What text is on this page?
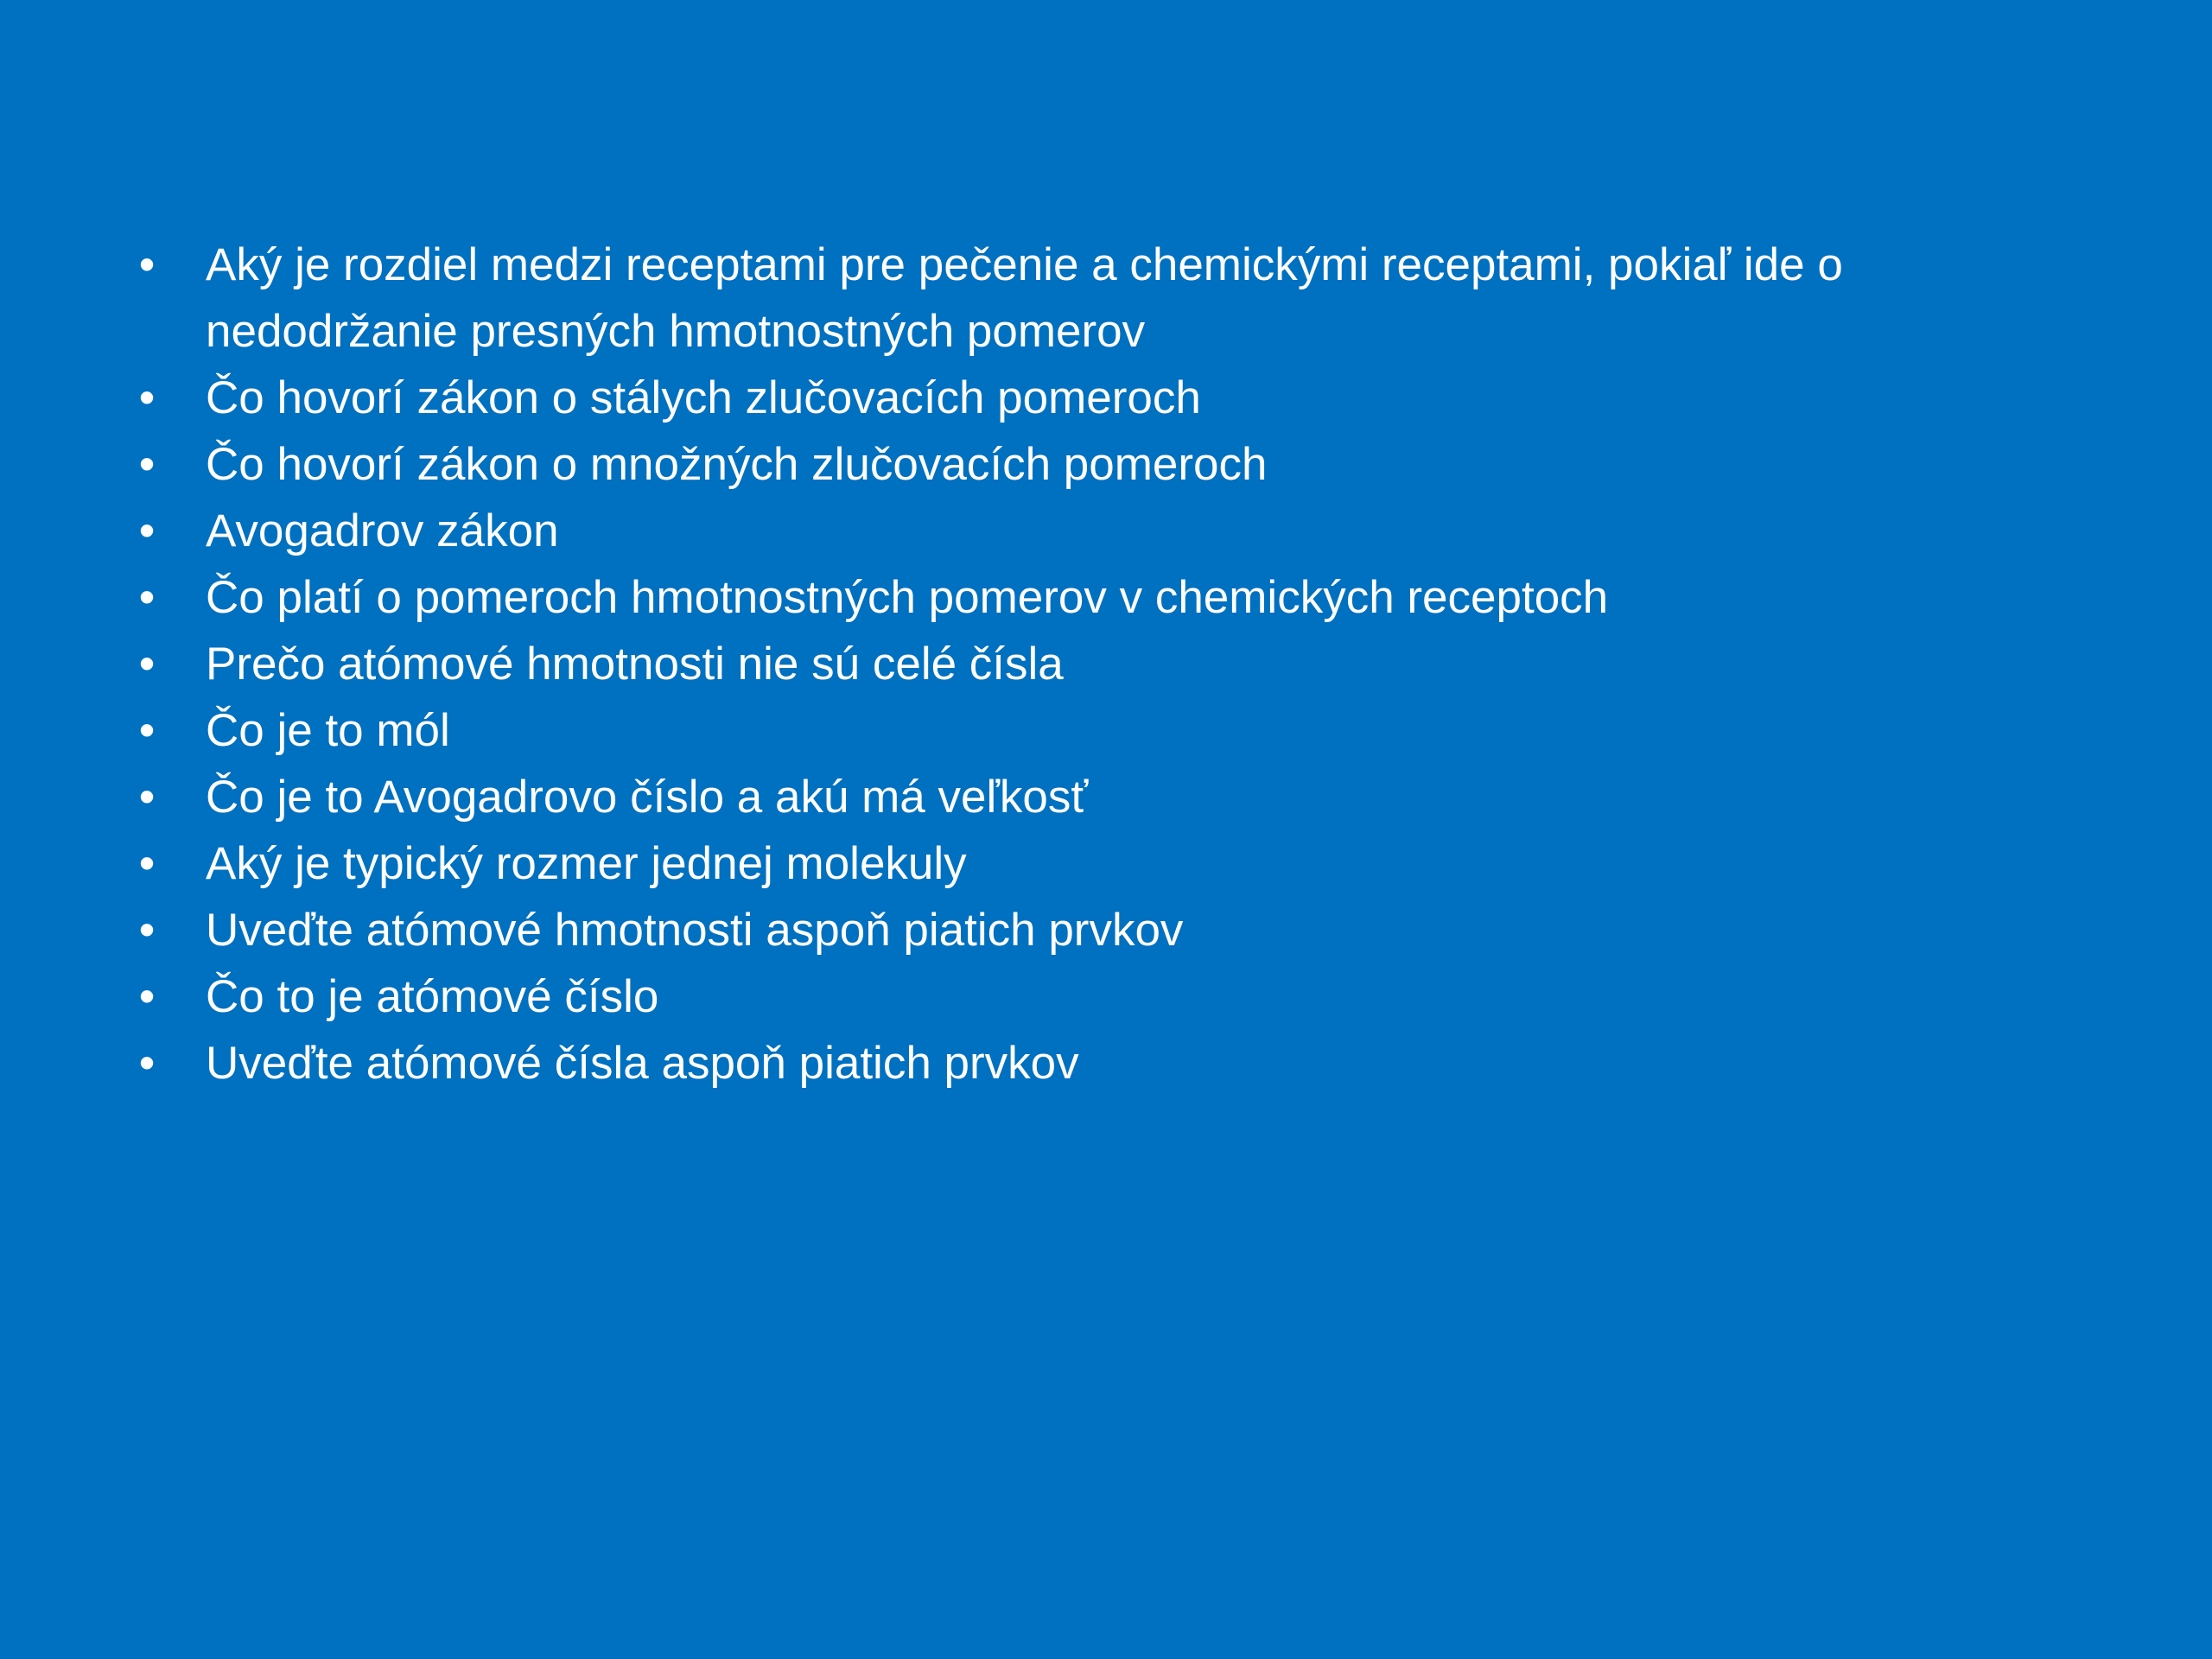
• Aký je rozdiel medzi receptami pre pečenie a chemickými receptami, pokiaľ ide o nedodržanie presných hmotnostných pomerov
• Čo hovorí zákon o stálych zlučovacích pomeroch
• Čo hovorí zákon o množných zlučovacích pomeroch
• Avogadrov zákon
• Čo platí o pomeroch hmotnostných pomerov v chemických receptoch
• Prečo atómové hmotnosti nie sú celé čísla
• Čo je to mól
• Čo je to Avogadrovo číslo a akú má veľkosť
• Aký je typický rozmer jednej molekuly
• Uveďte atómové hmotnosti aspoň piatich prvkov
• Čo to je atómové číslo
• Uveďte atómové čísla aspoň piatich prvkov
